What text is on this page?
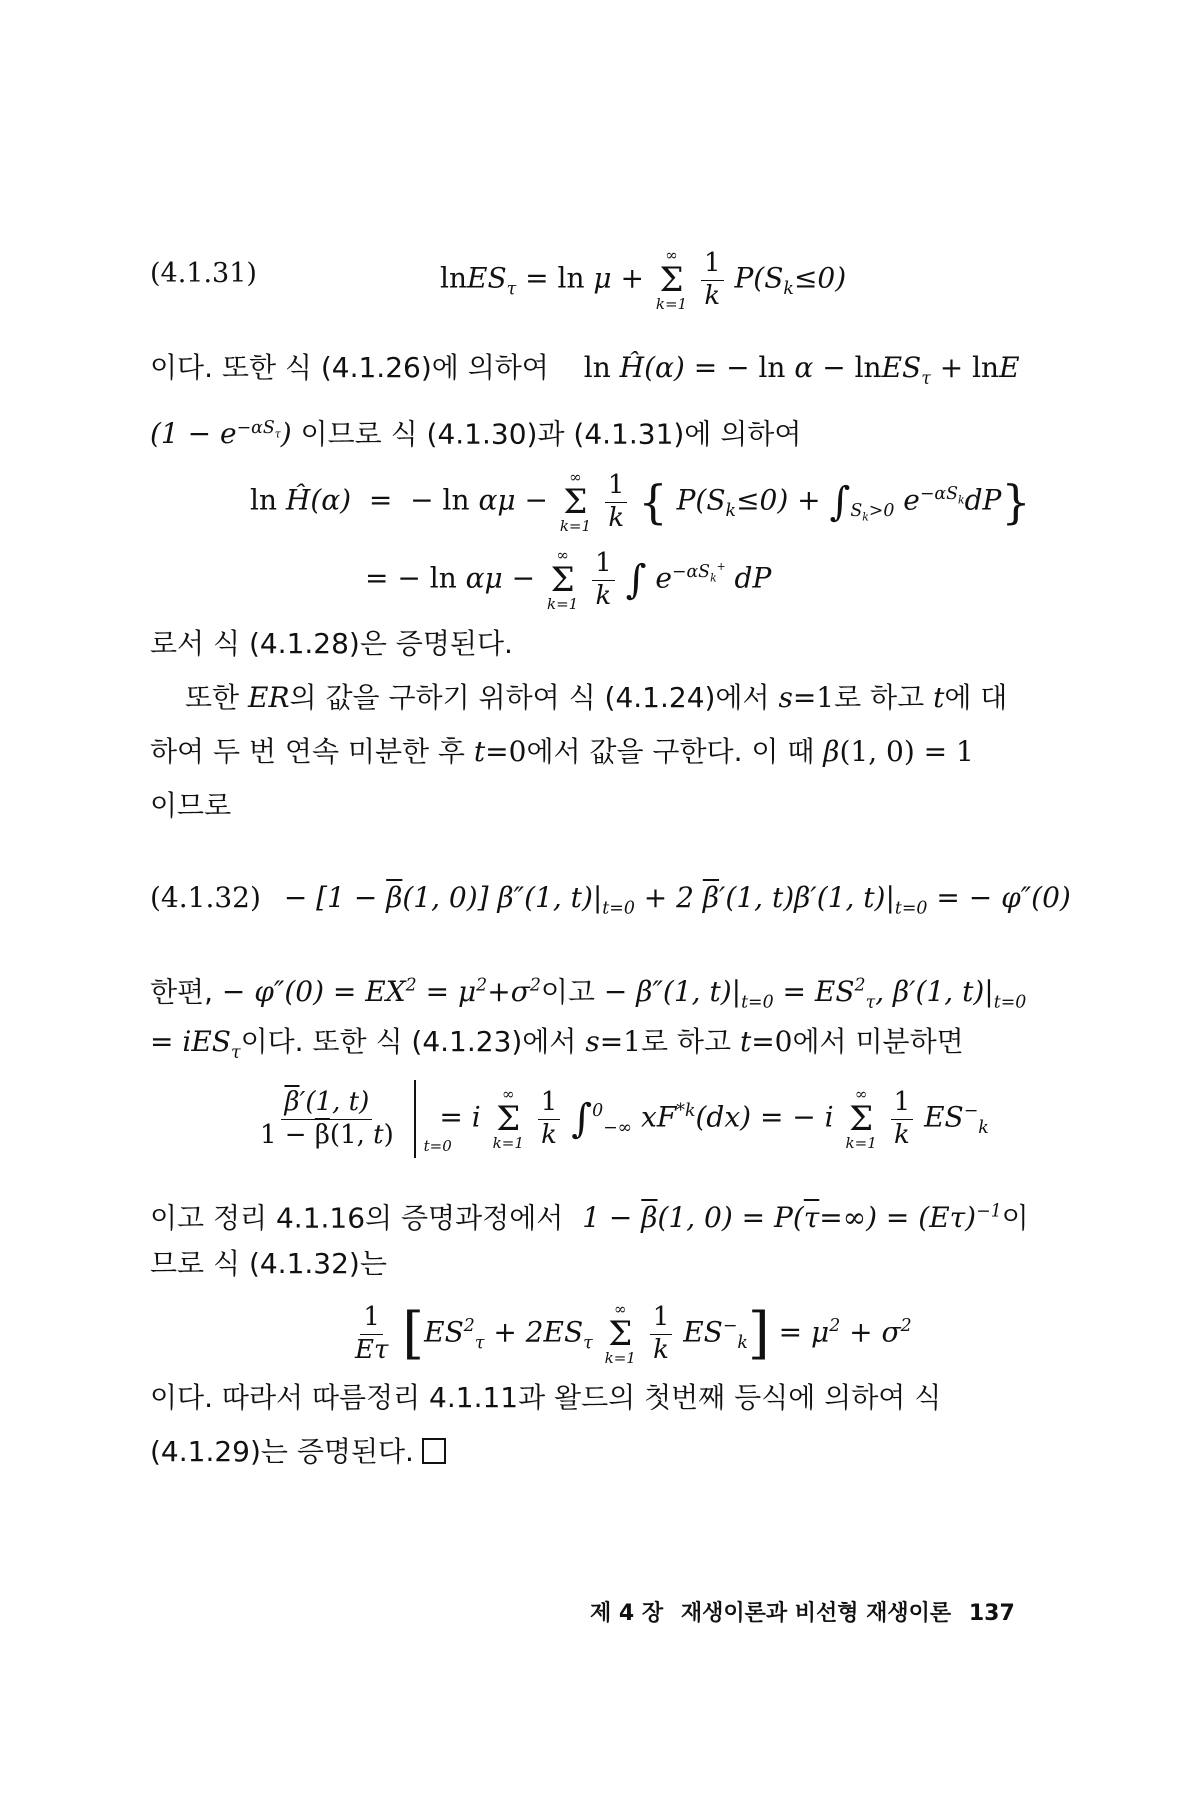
(4.1.31)	lnES$_\tau$ = ln μ +
∞
Σ
k=1
$\frac{1}{k} P(S_k\le 0)$
이다. 또한 식 (4.1.26)에 의하여 ln Ĥ(α) = − ln α − lnES$_\tau$ + lnE
$(1 - e^{-\alpha S_\tau})$ 이므로 식 (4.1.30)과 (4.1.31)에 의하여
ln Ĥ(α)  =  − ln αμ −
∞
Σ
k=1
$\frac{1}{k}$ { $P(S_k\le 0) + \int_{S_k>0}$ $e^{-\alpha S_k}dP$}
= − ln αμ −
∞
Σ
k=1
$\frac{1}{k}$ ∫ $e^{-\alpha S_k^+}$ dP
로서 식 (4.1.28)은 증명된다.
또한 ER의 값을 구하기 위하여 식 (4.1.24)에서 s=1로 하고 t에 대
하여 두 번 연속 미분한 후 t=0에서 값을 구한다. 이 때 β(1, 0) = 1
이므로
$(4.1.32) - [1 - \overline{\beta}(1$, 0)] β″(1, $t)|_{t=0} + 2$ $\overline{\beta}'(1$, t)β′(1, $t)|_{t=0}$ = − φ″(0)
한편, − $\varphi''(0) = EX^2 = \mu^2+\sigma^2$이고 − β″(1, $t)|_{t=0} = ES^2_\tau$, β′(1, $t)|_{t=0}$
= iES$_\tau$이다. 또한 식 (4.1.23)에서 s=1로 하고 t=0에서 미분하면
$\frac{\overline{\beta}'(1, t)}{1 - \overline{\beta}(1, t)}$
t=0
= i
∞
Σ
k=1
$\frac{1}{k} \int^0_{-\infty}$ $xF^{*k}(dx)$ = − i
∞
Σ
k=1
$\frac{1}{k} ES^-_k$
이고 정리 4.1.16의 증명과정에서 $1 - \overline{\beta}(1$, $0) = P(\overline{\tau}=\infty) = (E\tau)^{-1}$이
므로 식 (4.1.32)는
$\frac{1}{E\tau} [ES^2_\tau + 2ES_\tau$
∞
Σ
k=1
$\frac{1}{k} ES^-_k] = \mu^2 + \sigma^2$
이다. 따라서 따름정리 4.1.11과 왈드의 첫번째 등식에 의하여 식
(4.1.29)는 증명된다.
제 4 장 재생이론과 비선형 재생이론 137
